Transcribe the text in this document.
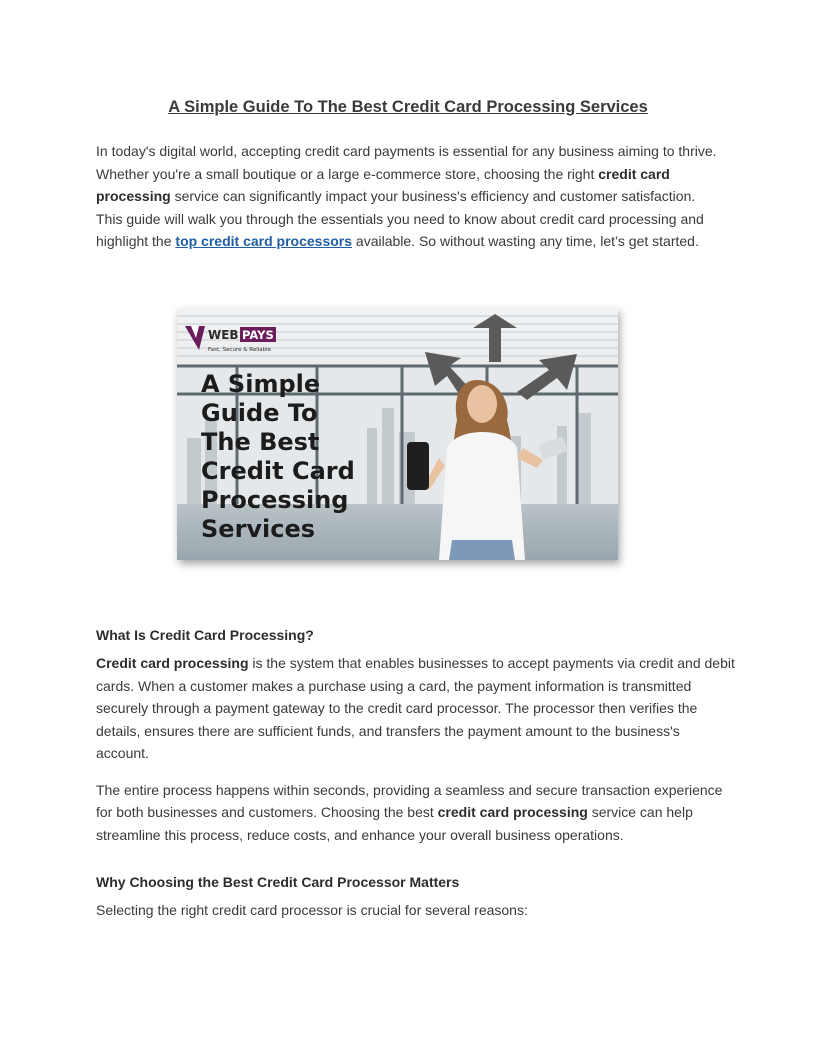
A Simple Guide To The Best Credit Card Processing Services

In today's digital world, accepting credit card payments is essential for any business aiming to thrive. Whether you're a small boutique or a large e-commerce store, choosing the right credit card processing service can significantly impact your business's efficiency and customer satisfaction. This guide will walk you through the essentials you need to know about credit card processing and highlight the top credit card processors available. So without wasting any time, let’s get started.

WEB PAYS
Fast, Secure & Reliable
A Simple
Guide To
The Best
Credit Card
Processing
Services
What Is Credit Card Processing?

Credit card processing is the system that enables businesses to accept payments via credit and debit cards. When a customer makes a purchase using a card, the payment information is transmitted securely through a payment gateway to the credit card processor. The processor then verifies the details, ensures there are sufficient funds, and transfers the payment amount to the business's account.

The entire process happens within seconds, providing a seamless and secure transaction experience for both businesses and customers. Choosing the best credit card processing service can help streamline this process, reduce costs, and enhance your overall business operations.

Why Choosing the Best Credit Card Processor Matters

Selecting the right credit card processor is crucial for several reasons:
